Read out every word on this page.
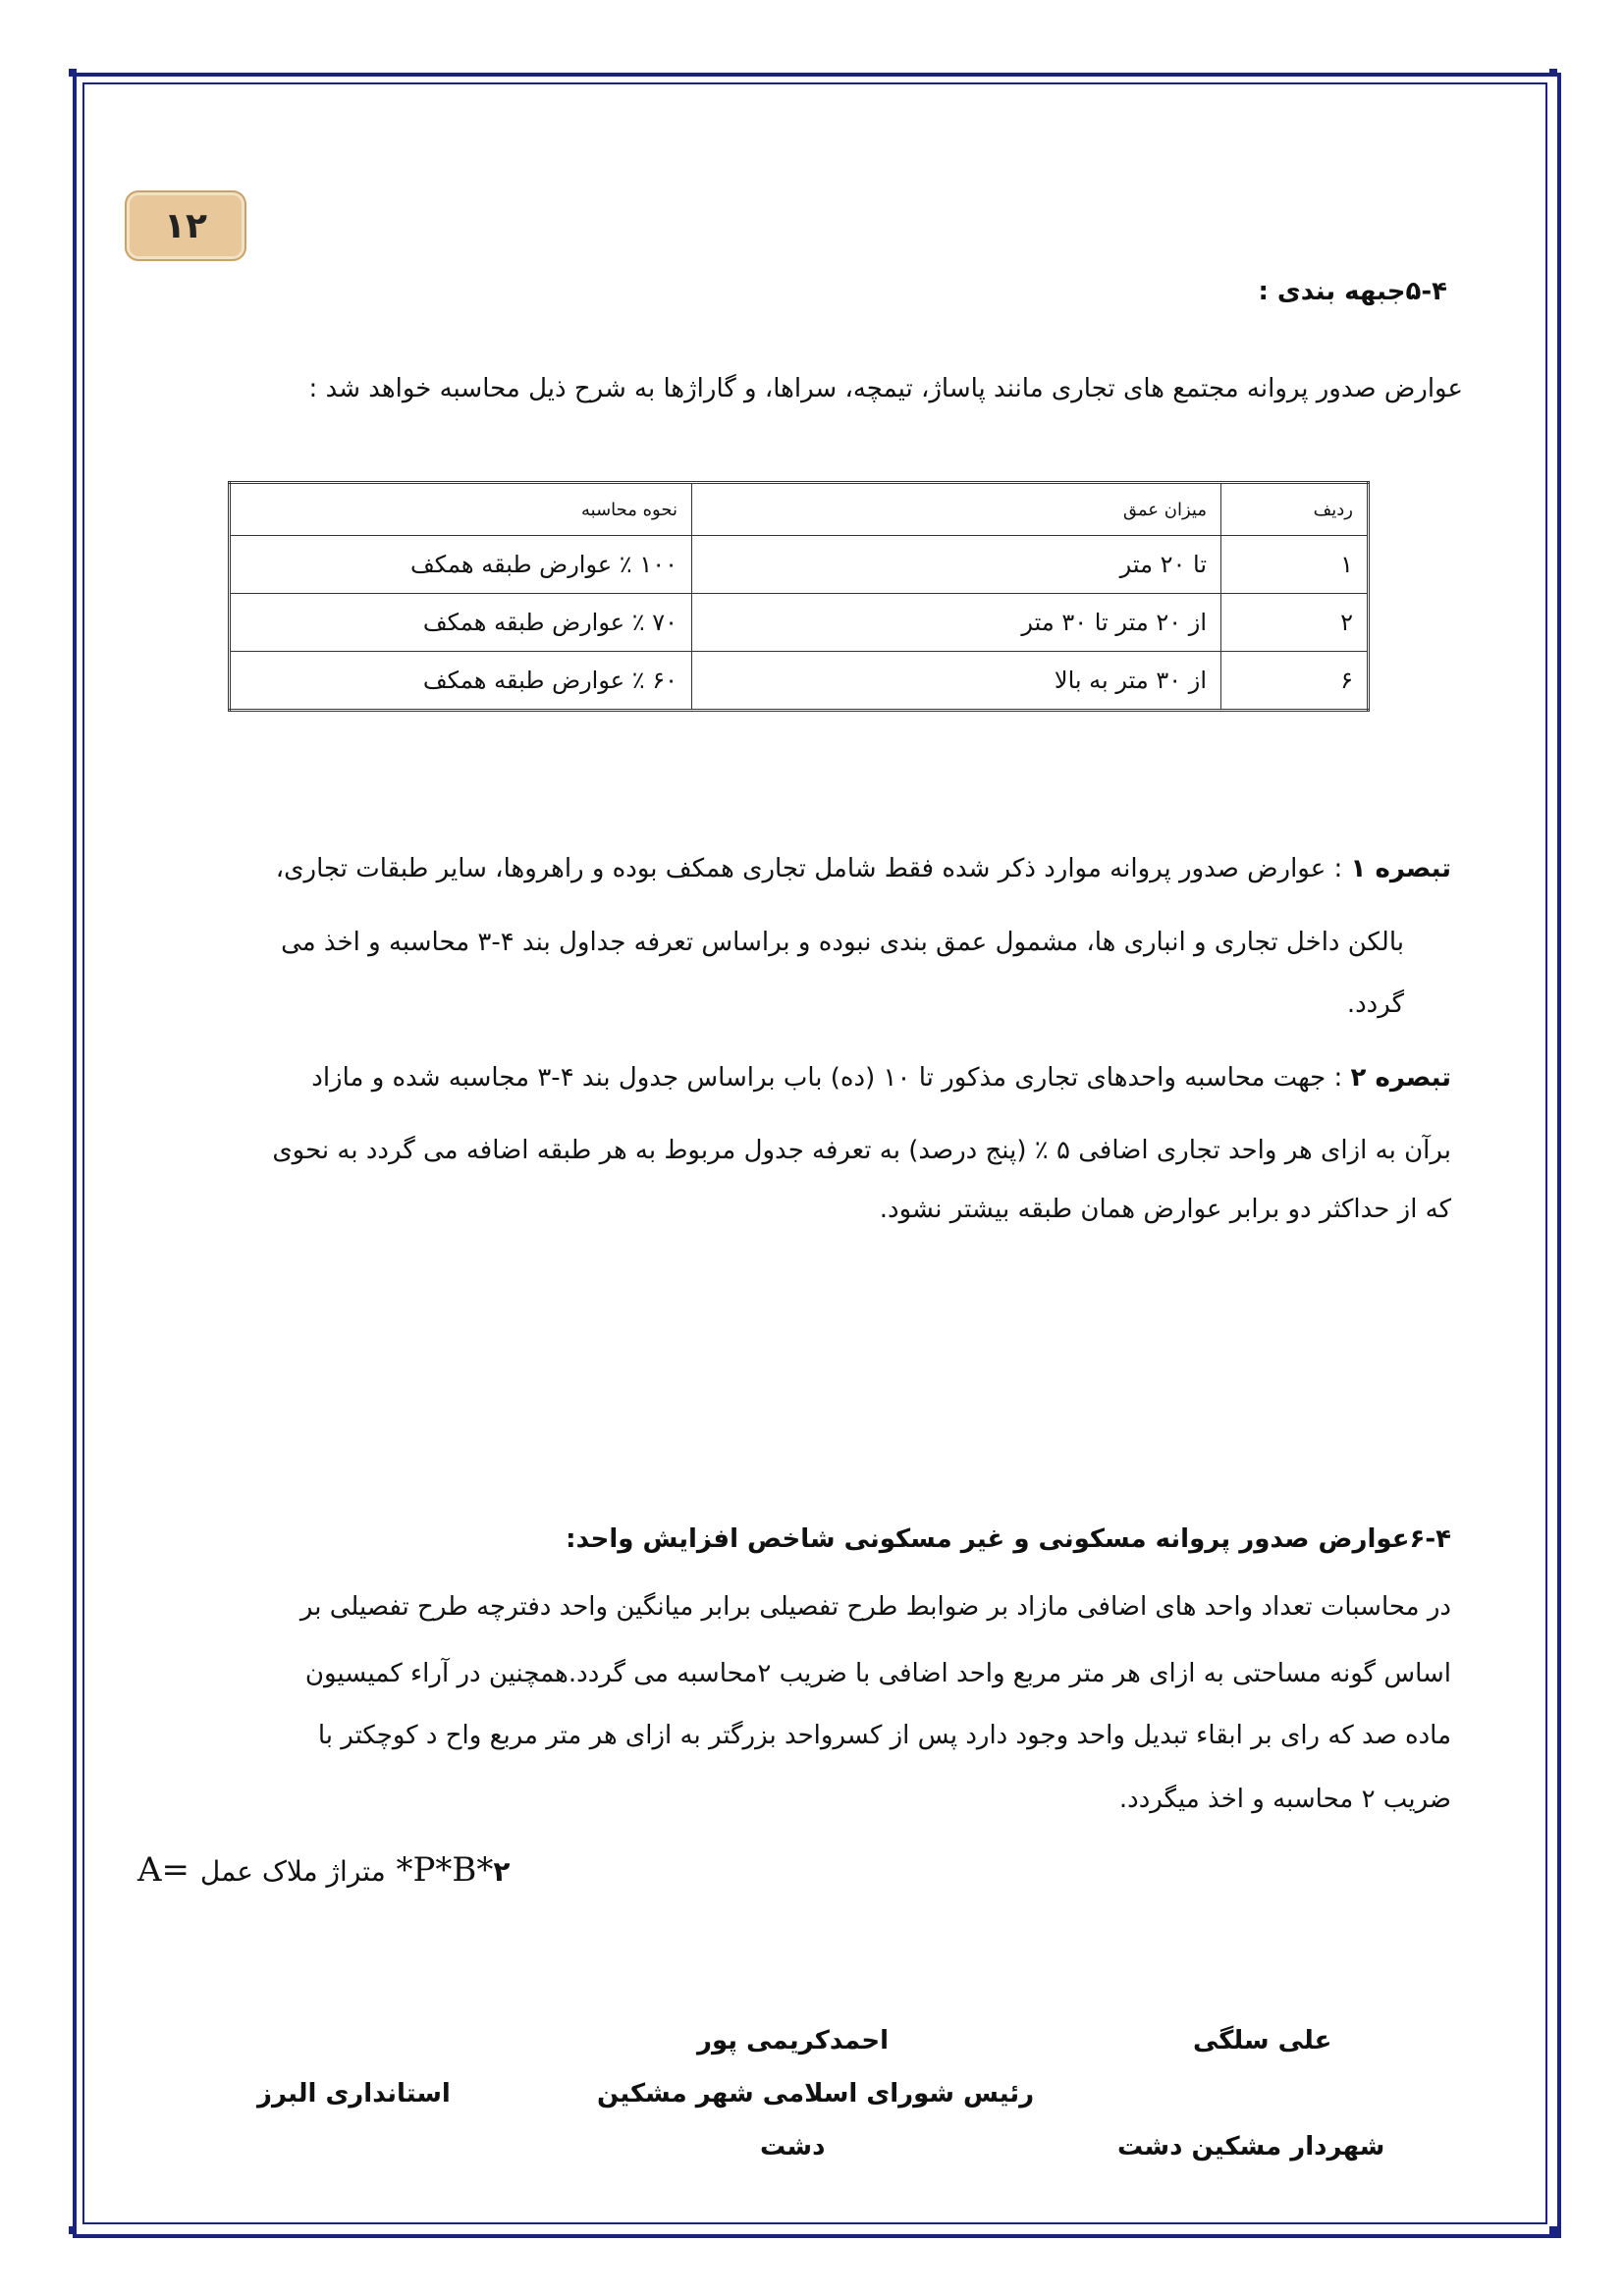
۱۲
۵-۴جبهه بندی :
عوارض صدور پروانه مجتمع های تجاری مانند پاساژ، تیمچه، سراها، و گاراژها به شرح ذیل محاسبه خواهد شد :
ردیف	میزان عمق	نحوه محاسبه
۱	تا ۲۰ متر	۱۰۰ ٪ عوارض طبقه همکف
۲	از ۲۰ متر تا ۳۰ متر	۷۰ ٪ عوارض طبقه همکف
۶	از ۳۰ متر به بالا	۶۰ ٪ عوارض طبقه همکف
تبصره ۱ : عوارض صدور پروانه موارد ذکر شده فقط شامل تجاری همکف بوده و راهروها، سایر طبقات تجاری،
بالکن داخل تجاری و انباری ها، مشمول عمق بندی نبوده و براساس تعرفه جداول بند ۴-۳ محاسبه و اخذ می
گردد.
تبصره ۲ : جهت محاسبه واحدهای تجاری مذکور تا ۱۰ (ده) باب براساس جدول بند ۴-۳ مجاسبه شده و مازاد
برآن به ازای هر واحد تجاری اضافی ۵ ٪ (پنج درصد) به تعرفه جدول مربوط به هر طبقه اضافه می گردد به نحوی
که از حداکثر دو برابر عوارض همان طبقه بیشتر نشود.
۶-۴عوارض صدور پروانه مسکونی و غیر مسکونی شاخص افزایش واحد:
در محاسبات تعداد واحد های اضافی مازاد بر ضوابط طرح تفصیلی برابر میانگین واحد دفترچه طرح تفصیلی بر
اساس گونه مساحتی به ازای هر متر مربع واحد اضافی با ضریب ۲محاسبه می گردد.همچنین در آراء کمیسیون
ماده صد که رای بر ابقاء تبدیل واحد وجود دارد پس از کسرواحد بزرگتر به ازای هر متر مربع واح د کوچکتر با
ضریب ۲ محاسبه و اخذ میگردد.
A= متراژ ملاک عمل *P*B*۲
علی سلگی
شهردار مشکین دشت
احمدکریمی پور
رئیس شورای اسلامی شهر مشکین
دشت
استانداری البرز
